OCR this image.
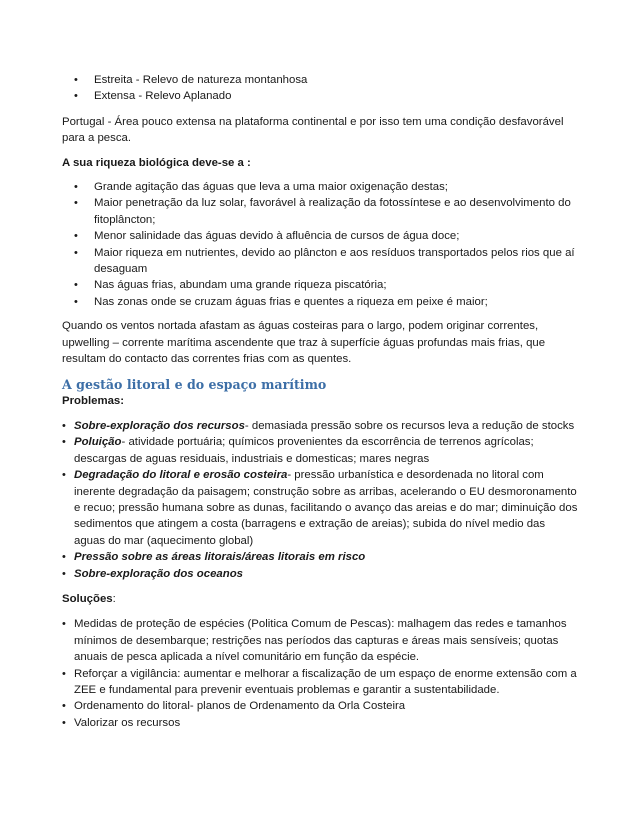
• Estreita - Relevo de natureza montanhosa
• Extensa - Relevo Aplanado

Portugal - Área pouco extensa na plataforma continental e por isso tem uma condição desfavorável para a pesca.

A sua riqueza biológica deve-se a :

• Grande agitação das águas que leva a uma maior oxigenação destas;
• Maior penetração da luz solar, favorável à realização da fotossíntese e ao desenvolvimento do fitoplâncton;
• Menor salinidade das águas devido à afluência de cursos de água doce;
• Maior riqueza em nutrientes, devido ao plâncton e aos resíduos transportados pelos rios que aí desaguam
• Nas águas frias, abundam uma grande riqueza piscatória;
• Nas zonas onde se cruzam águas frias e quentes a riqueza em peixe é maior;

Quando os ventos nortada afastam as águas costeiras para o largo, podem originar correntes, upwelling – corrente marítima ascendente que traz à superfície águas profundas mais frias, que resultam do contacto das correntes frias com as quentes.

A gestão litoral e do espaço marítimo

Problemas:

• Sobre-exploração dos recursos- demasiada pressão sobre os recursos leva a redução de stocks
• Poluição- atividade portuária; químicos provenientes da escorrência de terrenos agrícolas; descargas de aguas residuais, industriais e domesticas; mares negras
• Degradação do litoral e erosão costeira- pressão urbanística e desordenada no litoral com inerente degradação da paisagem; construção sobre as arribas, acelerando o EU desmoronamento e recuo; pressão humana sobre as dunas, facilitando o avanço das areias e do mar; diminuição dos sedimentos que atingem a costa (barragens e extração de areias); subida do nível medio das aguas do mar (aquecimento global)
• Pressão sobre as áreas litorais/áreas litorais em risco
• Sobre-exploração dos oceanos

Soluções:

• Medidas de proteção de espécies (Politica Comum de Pescas): malhagem das redes e tamanhos mínimos de desembarque; restrições nas períodos das capturas e áreas mais sensíveis; quotas anuais de pesca aplicada a nível comunitário em função da espécie.
• Reforçar a vigilância: aumentar e melhorar a fiscalização de um espaço de enorme extensão com a ZEE e fundamental para prevenir eventuais problemas e garantir a sustentabilidade.
• Ordenamento do litoral- planos de Ordenamento da Orla Costeira
• Valorizar os recursos
